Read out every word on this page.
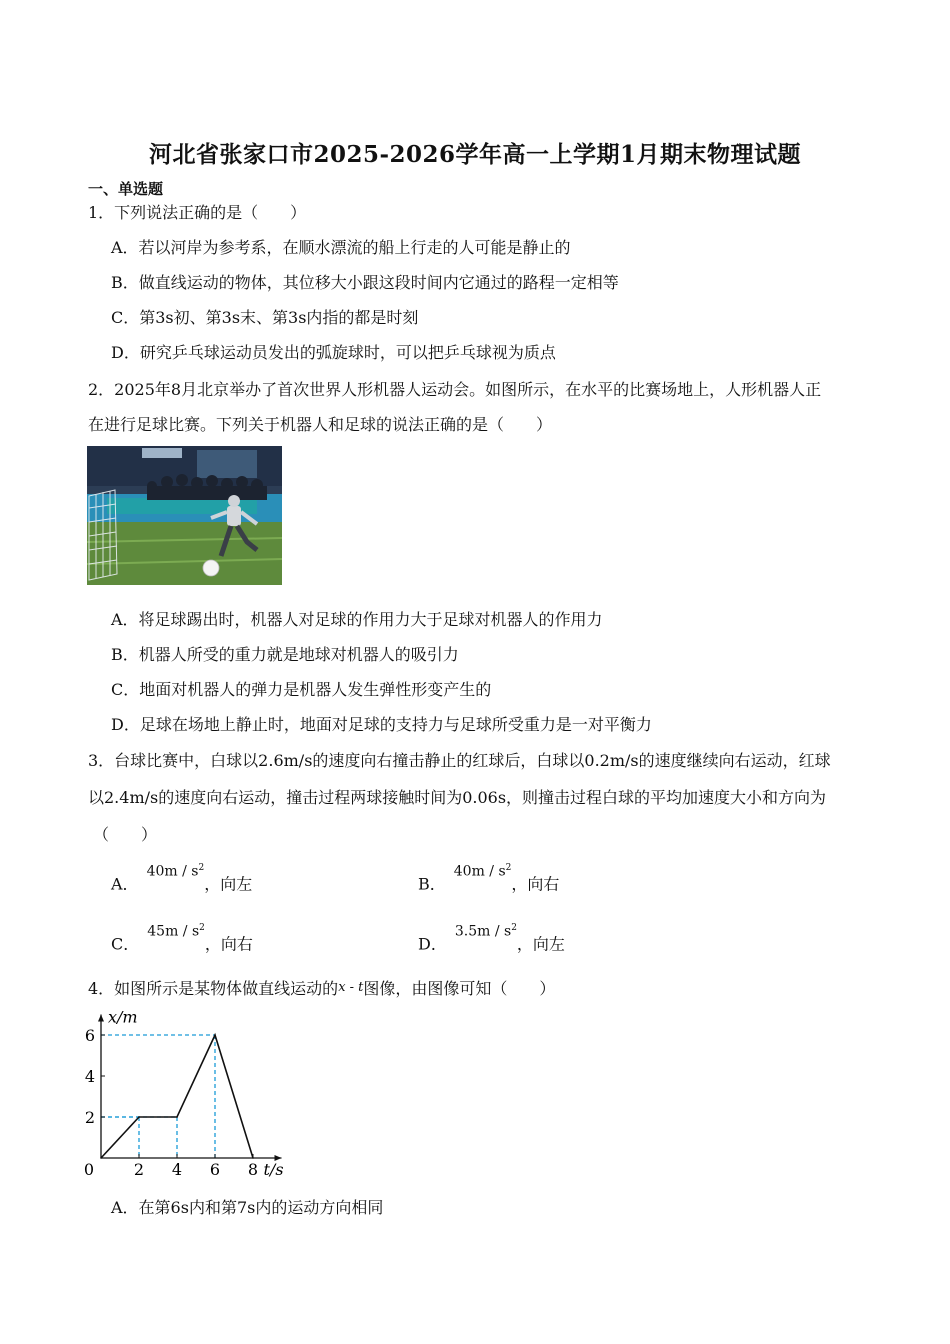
河北省张家口市2025-2026学年高一上学期1月期末物理试题
一、单选题
1．下列说法正确的是（　　）
A．若以河岸为参考系，在顺水漂流的船上行走的人可能是静止的
B．做直线运动的物体，其位移大小跟这段时间内它通过的路程一定相等
C．第3s初、第3s末、第3s内指的都是时刻
D．研究乒乓球运动员发出的弧旋球时，可以把乒乓球视为质点
2．2025年8月北京举办了首次世界人形机器人运动会。如图所示，在水平的比赛场地上，人形机器人正
在进行足球比赛。下列关于机器人和足球的说法正确的是（　　）
A．将足球踢出时，机器人对足球的作用力大于足球对机器人的作用力
B．机器人所受的重力就是地球对机器人的吸引力
C．地面对机器人的弹力是机器人发生弹性形变产生的
D．足球在场地上静止时，地面对足球的支持力与足球所受重力是一对平衡力
3．台球比赛中，白球以2.6m/s的速度向右撞击静止的红球后，白球以0.2m/s的速度继续向右运动，红球
以2.4m/s的速度向右运动，撞击过程两球接触时间为0.06s，则撞击过程白球的平均加速度大小和方向为
（　　）
A．$40m / s^2$，向左	B．$40m / s^2$，向右
C．$45m / s^2$，向右	D．$3.5m / s^2$，向左
4．如图所示是某物体做直线运动的x - t图像，由图像可知（　　）
0 2 4 6 8
2
4
6
x/m
t/s
A．在第6s内和第7s内的运动方向相同
